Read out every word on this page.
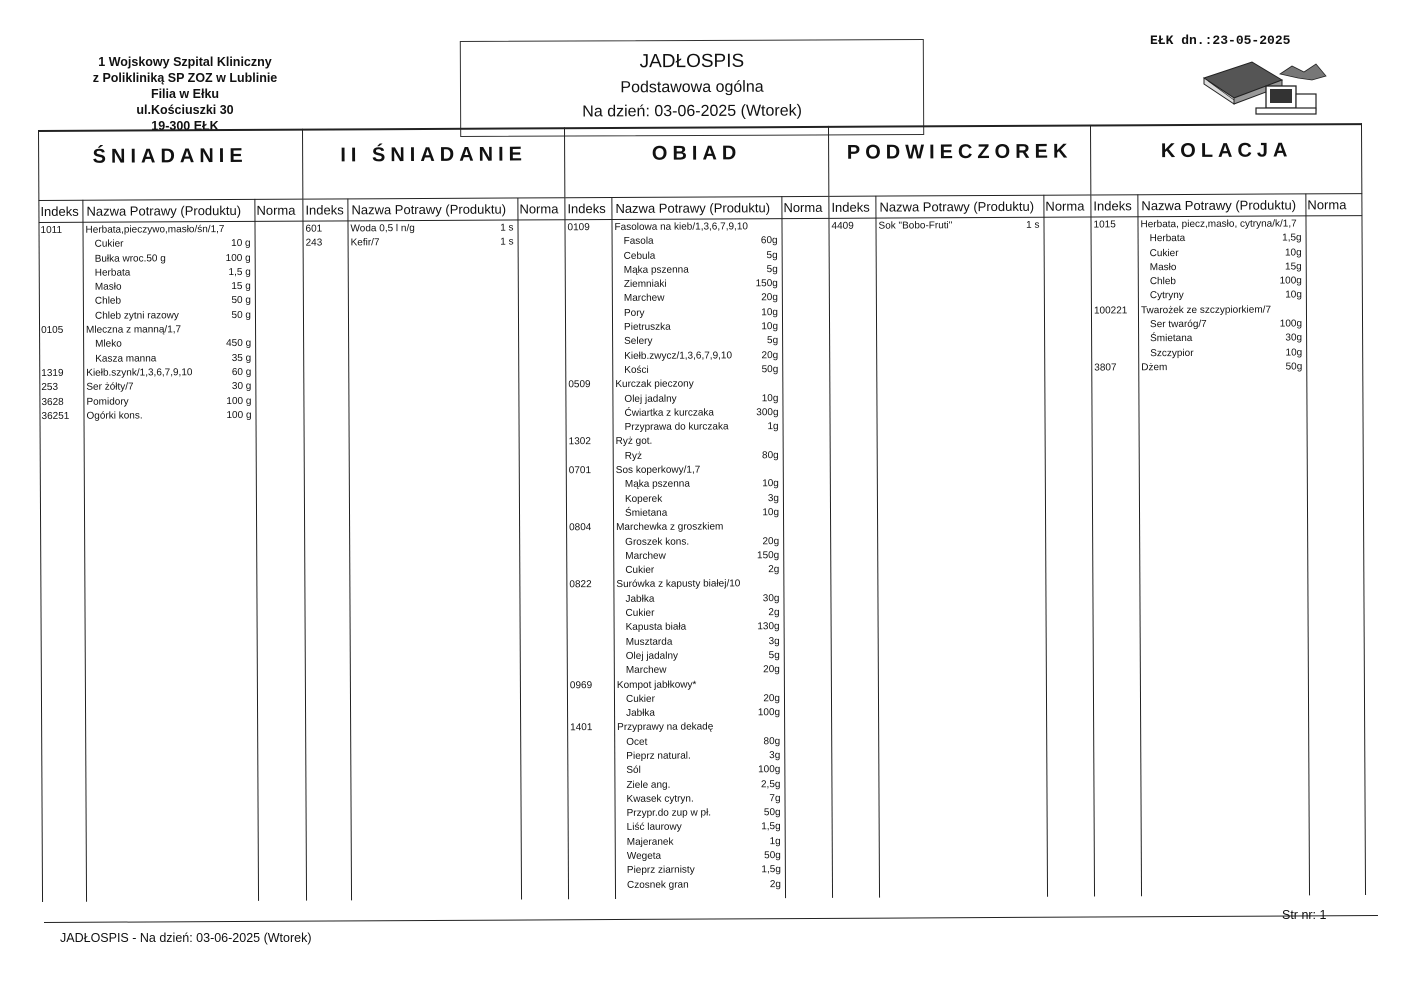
1 Wojskowy Szpital Kliniczny
z Polikliniką SP ZOZ w Lublinie
Filia w Ełku
ul.Kościuszki 30
19-300 EŁK
JADŁOSPIS
Podstawowa ogólna
Na dzień: 03-06-2025 (Wtorek)
EŁK dn.:23-05-2025
ŚNIADANIE
Indeks Nazwa Potrawy (Produktu)	Norma
1011 Herbata,pieczywo,masło/śn/1,7
Cukier	10 g
Bułka wroc.50 g	100 g
Herbata	1,5 g
Masło	15 g
Chleb	50 g
Chleb zytni razowy	50 g
0105 Mleczna z manną/1,7
Mleko	450 g
Kasza manna	35 g
1319 Kiełb.szynk/1,3,6,7,9,10	60 g
253	Ser żółty/7	30 g
3628 Pomidory	100 g
36251 Ogórki kons.	100 g
II ŚNIADANIE
Indeks Nazwa Potrawy (Produktu)	Norma
601	Woda 0,5 l n/g	1 s
243	Kefir/7	1 s
OBIAD
Indeks Nazwa Potrawy (Produktu)	Norma
0109 Fasolowa na kieb/1,3,6,7,9,10
Fasola	60g
Cebula	5g
Mąka pszenna	5g
Ziemniaki	150g
Marchew	20g
Pory	10g
Pietruszka	10g
Selery	5g
Kiełb.zwycz/1,3,6,7,9,10	20g
Kości	50g
0509 Kurczak pieczony
Olej jadalny	10g
Ćwiartka z kurczaka	300g
Przyprawa do kurczaka	1g
1302 Ryż got.
Ryż	80g
0701 Sos koperkowy/1,7
Mąka pszenna	10g
Koperek	3g
Śmietana	10g
0804 Marchewka z groszkiem
Groszek kons.	20g
Marchew	150g
Cukier	2g
0822 Surówka z kapusty białej/10
Jabłka	30g
Cukier	2g
Kapusta biała	130g
Musztarda	3g
Olej jadalny	5g
Marchew	20g
0969 Kompot jabłkowy*
Cukier	20g
Jabłka	100g
1401 Przyprawy na dekadę
Ocet	80g
Pieprz natural.	3g
Sól	100g
Ziele ang.	2,5g
Kwasek cytryn.	7g
Przypr.do zup w pł.	50g
Liść laurowy	1,5g
Majeranek	1g
Wegeta	50g
Pieprz ziarnisty	1,5g
Czosnek gran	2g
PODWIECZOREK
Indeks Nazwa Potrawy (Produktu) Norma
4409 Sok "Bobo-Fruti"	1 s
KOLACJA
Indeks Nazwa Potrawy (Produktu) Norma
1015 Herbata, piecz,masło, cytryna/k/1,7
Herbata	1,5g
Cukier	10g
Masło	15g
Chleb	100g
Cytryny	10g
100221 Twarożek ze szczypiorkiem/7
Ser twaróg/7	100g
Śmietana	30g
Szczypior	10g
3807 Dżem	50g
JADŁOSPIS - Na dzień: 03-06-2025 (Wtorek)
Str nr: 1
